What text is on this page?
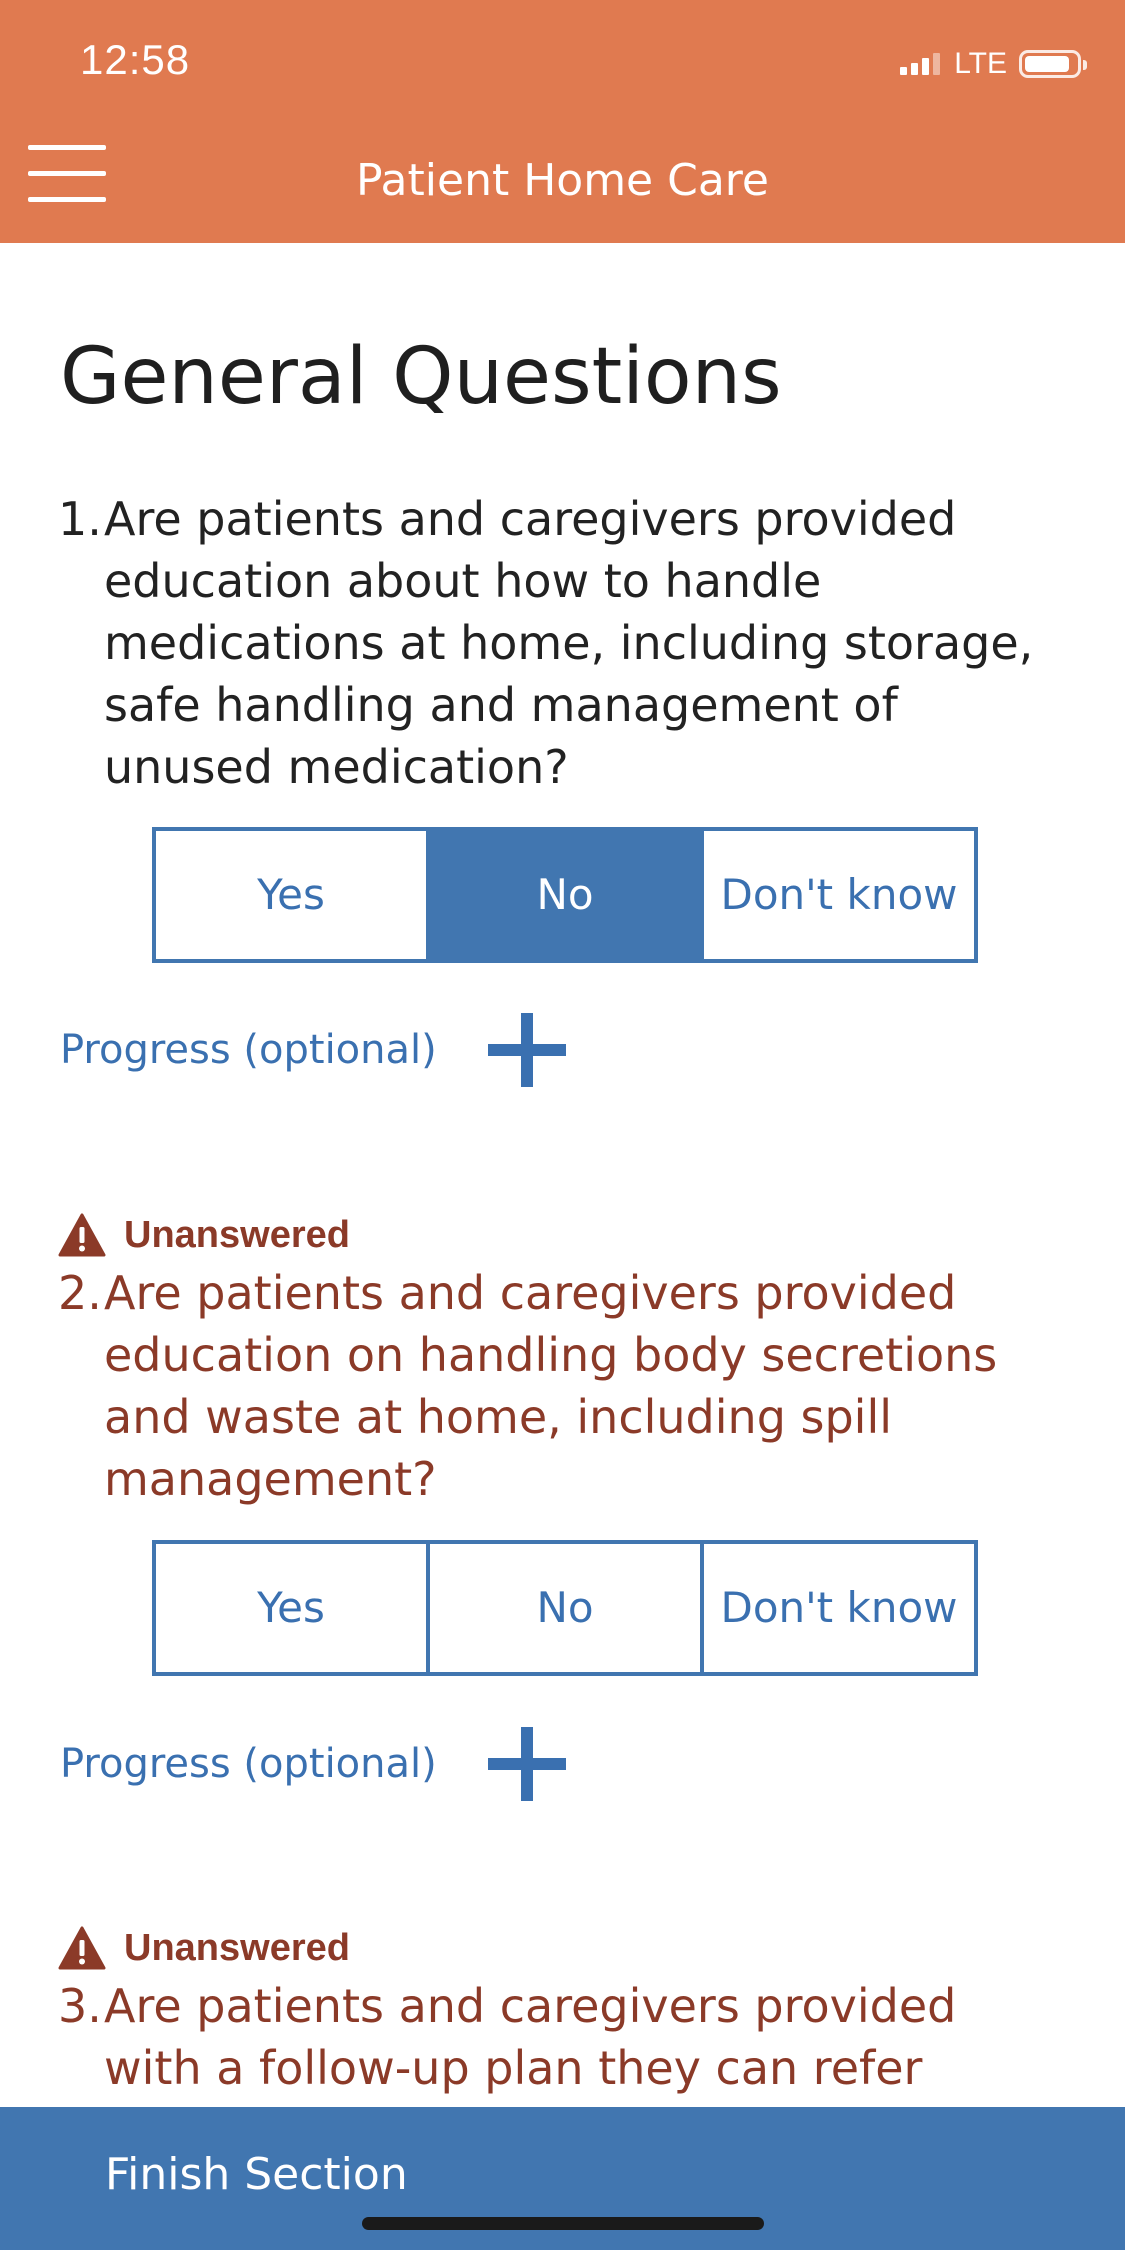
12:58	LTE
Patient Home Care
General Questions
1. Are patients and caregivers provided education about how to handle medications at home, including storage, safe handling and management of unused medication?
Yes	No	Don't know
Progress (optional)
Unanswered
2. Are patients and caregivers provided education on handling body secretions and waste at home, including spill management?
Yes	No	Don't know
Progress (optional)
Unanswered
3. Are patients and caregivers provided with a follow-up plan they can refer
Finish Section
